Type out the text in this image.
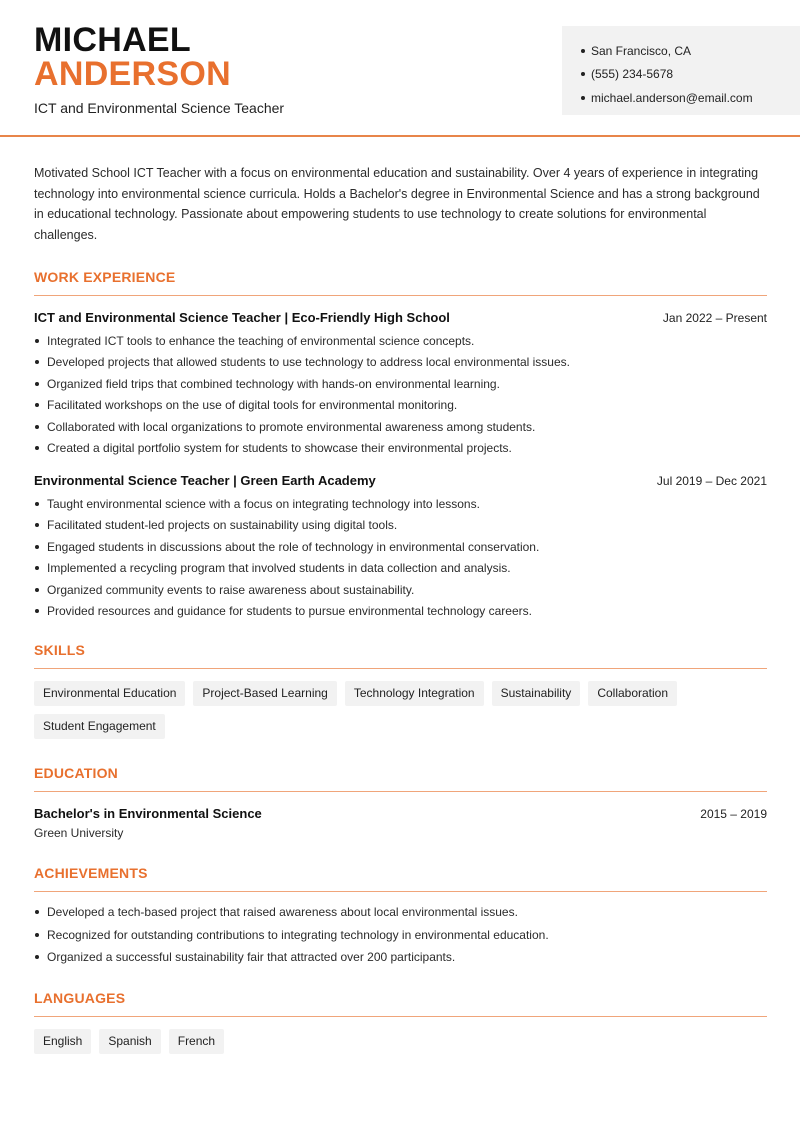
MICHAEL
ANDERSON
ICT and Environmental Science Teacher
San Francisco, CA
(555) 234-5678
michael.anderson@email.com

Motivated School ICT Teacher with a focus on environmental education and sustainability. Over 4 years of experience in integrating technology into environmental science curricula. Holds a Bachelor's degree in Environmental Science and has a strong background in educational technology. Passionate about empowering students to use technology to create solutions for environmental challenges.

WORK EXPERIENCE
ICT and Environmental Science Teacher | Eco-Friendly High School	Jan 2022 – Present
Integrated ICT tools to enhance the teaching of environmental science concepts.
Developed projects that allowed students to use technology to address local environmental issues.
Organized field trips that combined technology with hands-on environmental learning.
Facilitated workshops on the use of digital tools for environmental monitoring.
Collaborated with local organizations to promote environmental awareness among students.
Created a digital portfolio system for students to showcase their environmental projects.
Environmental Science Teacher | Green Earth Academy	Jul 2019 – Dec 2021
Taught environmental science with a focus on integrating technology into lessons.
Facilitated student-led projects on sustainability using digital tools.
Engaged students in discussions about the role of technology in environmental conservation.
Implemented a recycling program that involved students in data collection and analysis.
Organized community events to raise awareness about sustainability.
Provided resources and guidance for students to pursue environmental technology careers.
SKILLS
Environmental Education	Project-Based Learning	Technology Integration	Sustainability	Collaboration
Student Engagement
EDUCATION
Bachelor's in Environmental Science	2015 – 2019
Green University
ACHIEVEMENTS
Developed a tech-based project that raised awareness about local environmental issues.
Recognized for outstanding contributions to integrating technology in environmental education.
Organized a successful sustainability fair that attracted over 200 participants.
LANGUAGES
English	Spanish	French
